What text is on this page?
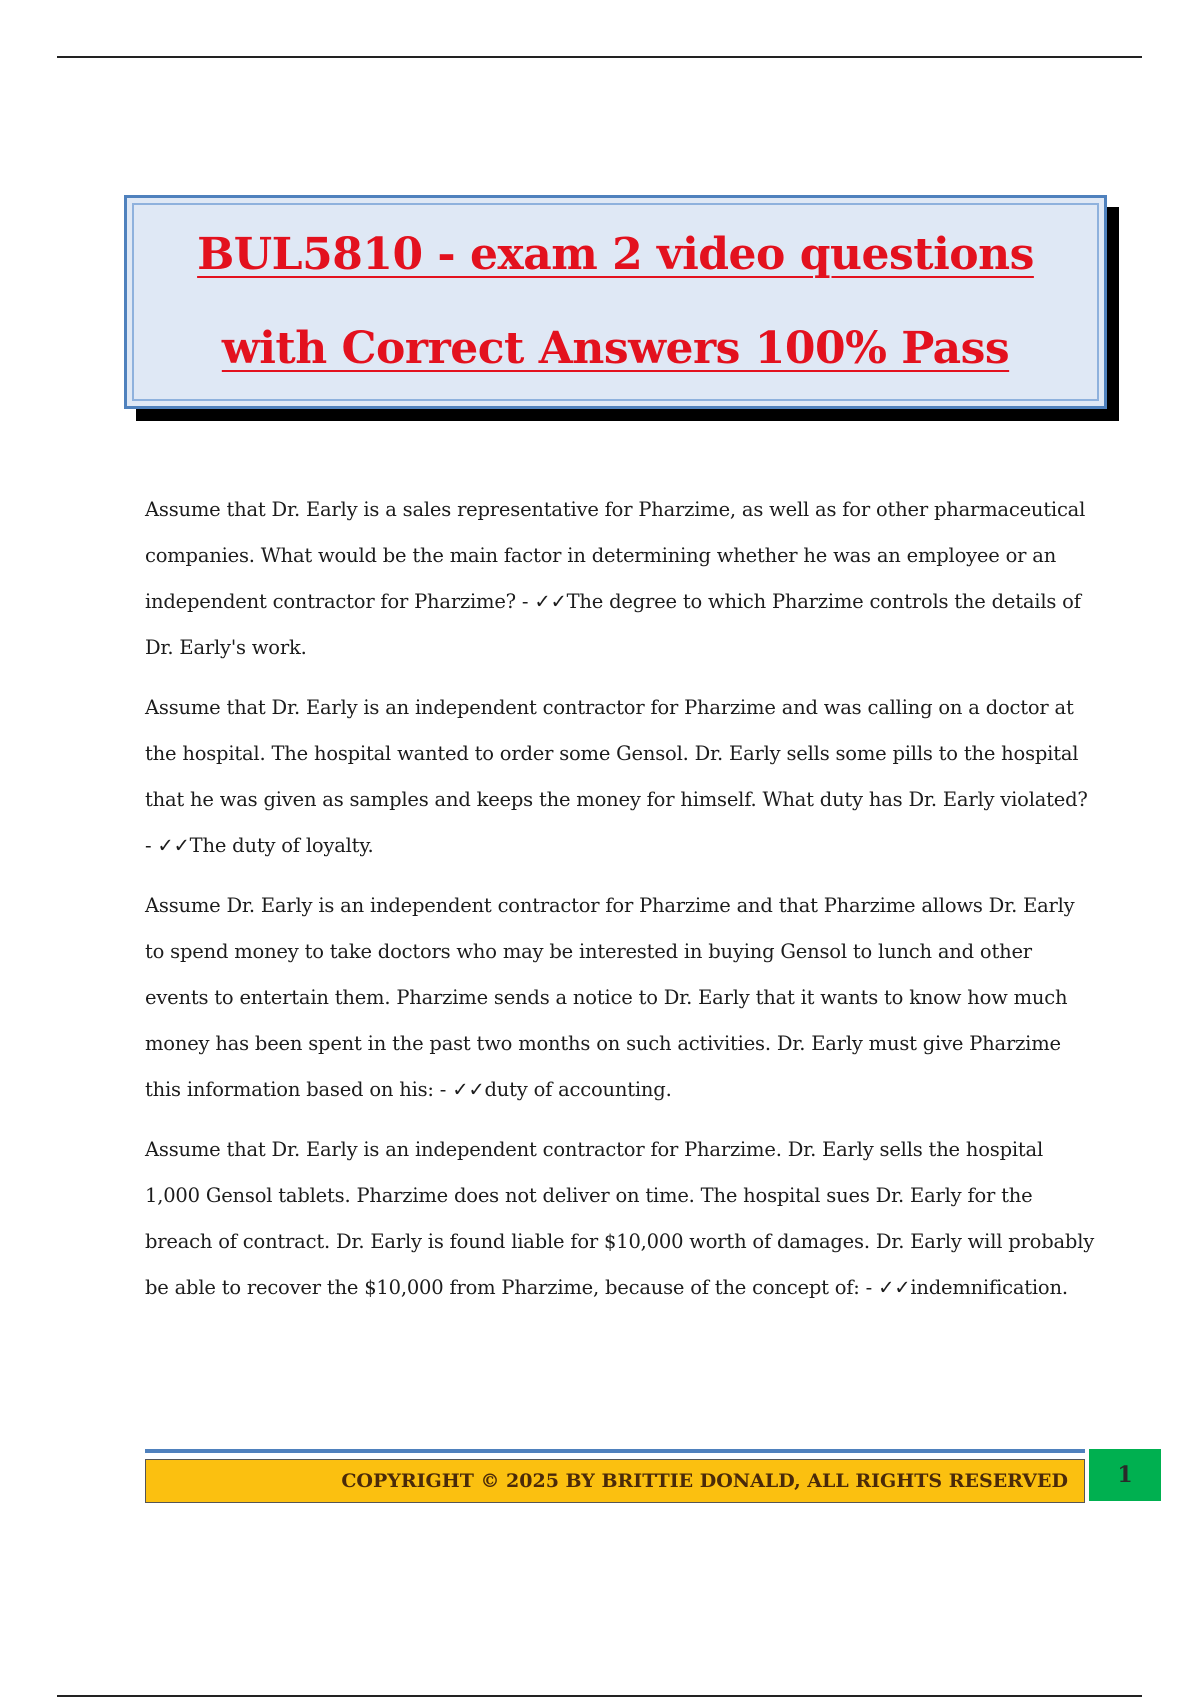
BUL5810 - exam 2 video questions
with Correct Answers 100% Pass

Assume that Dr. Early is a sales representative for Pharzime, as well as for other pharmaceutical companies. What would be the main factor in determining whether he was an employee or an independent contractor for Pharzime? - ✓✓The degree to which Pharzime controls the details of Dr. Early's work.

Assume that Dr. Early is an independent contractor for Pharzime and was calling on a doctor at the hospital. The hospital wanted to order some Gensol. Dr. Early sells some pills to the hospital that he was given as samples and keeps the money for himself. What duty has Dr. Early violated? - ✓✓The duty of loyalty.

Assume Dr. Early is an independent contractor for Pharzime and that Pharzime allows Dr. Early to spend money to take doctors who may be interested in buying Gensol to lunch and other events to entertain them. Pharzime sends a notice to Dr. Early that it wants to know how much money has been spent in the past two months on such activities. Dr. Early must give Pharzime this information based on his: - ✓✓duty of accounting.

Assume that Dr. Early is an independent contractor for Pharzime. Dr. Early sells the hospital 1,000 Gensol tablets. Pharzime does not deliver on time. The hospital sues Dr. Early for the breach of contract. Dr. Early is found liable for $10,000 worth of damages. Dr. Early will probably be able to recover the $10,000 from Pharzime, because of the concept of: - ✓✓indemnification.

COPYRIGHT © 2025 BY BRITTIE DONALD, ALL RIGHTS RESERVED 1
